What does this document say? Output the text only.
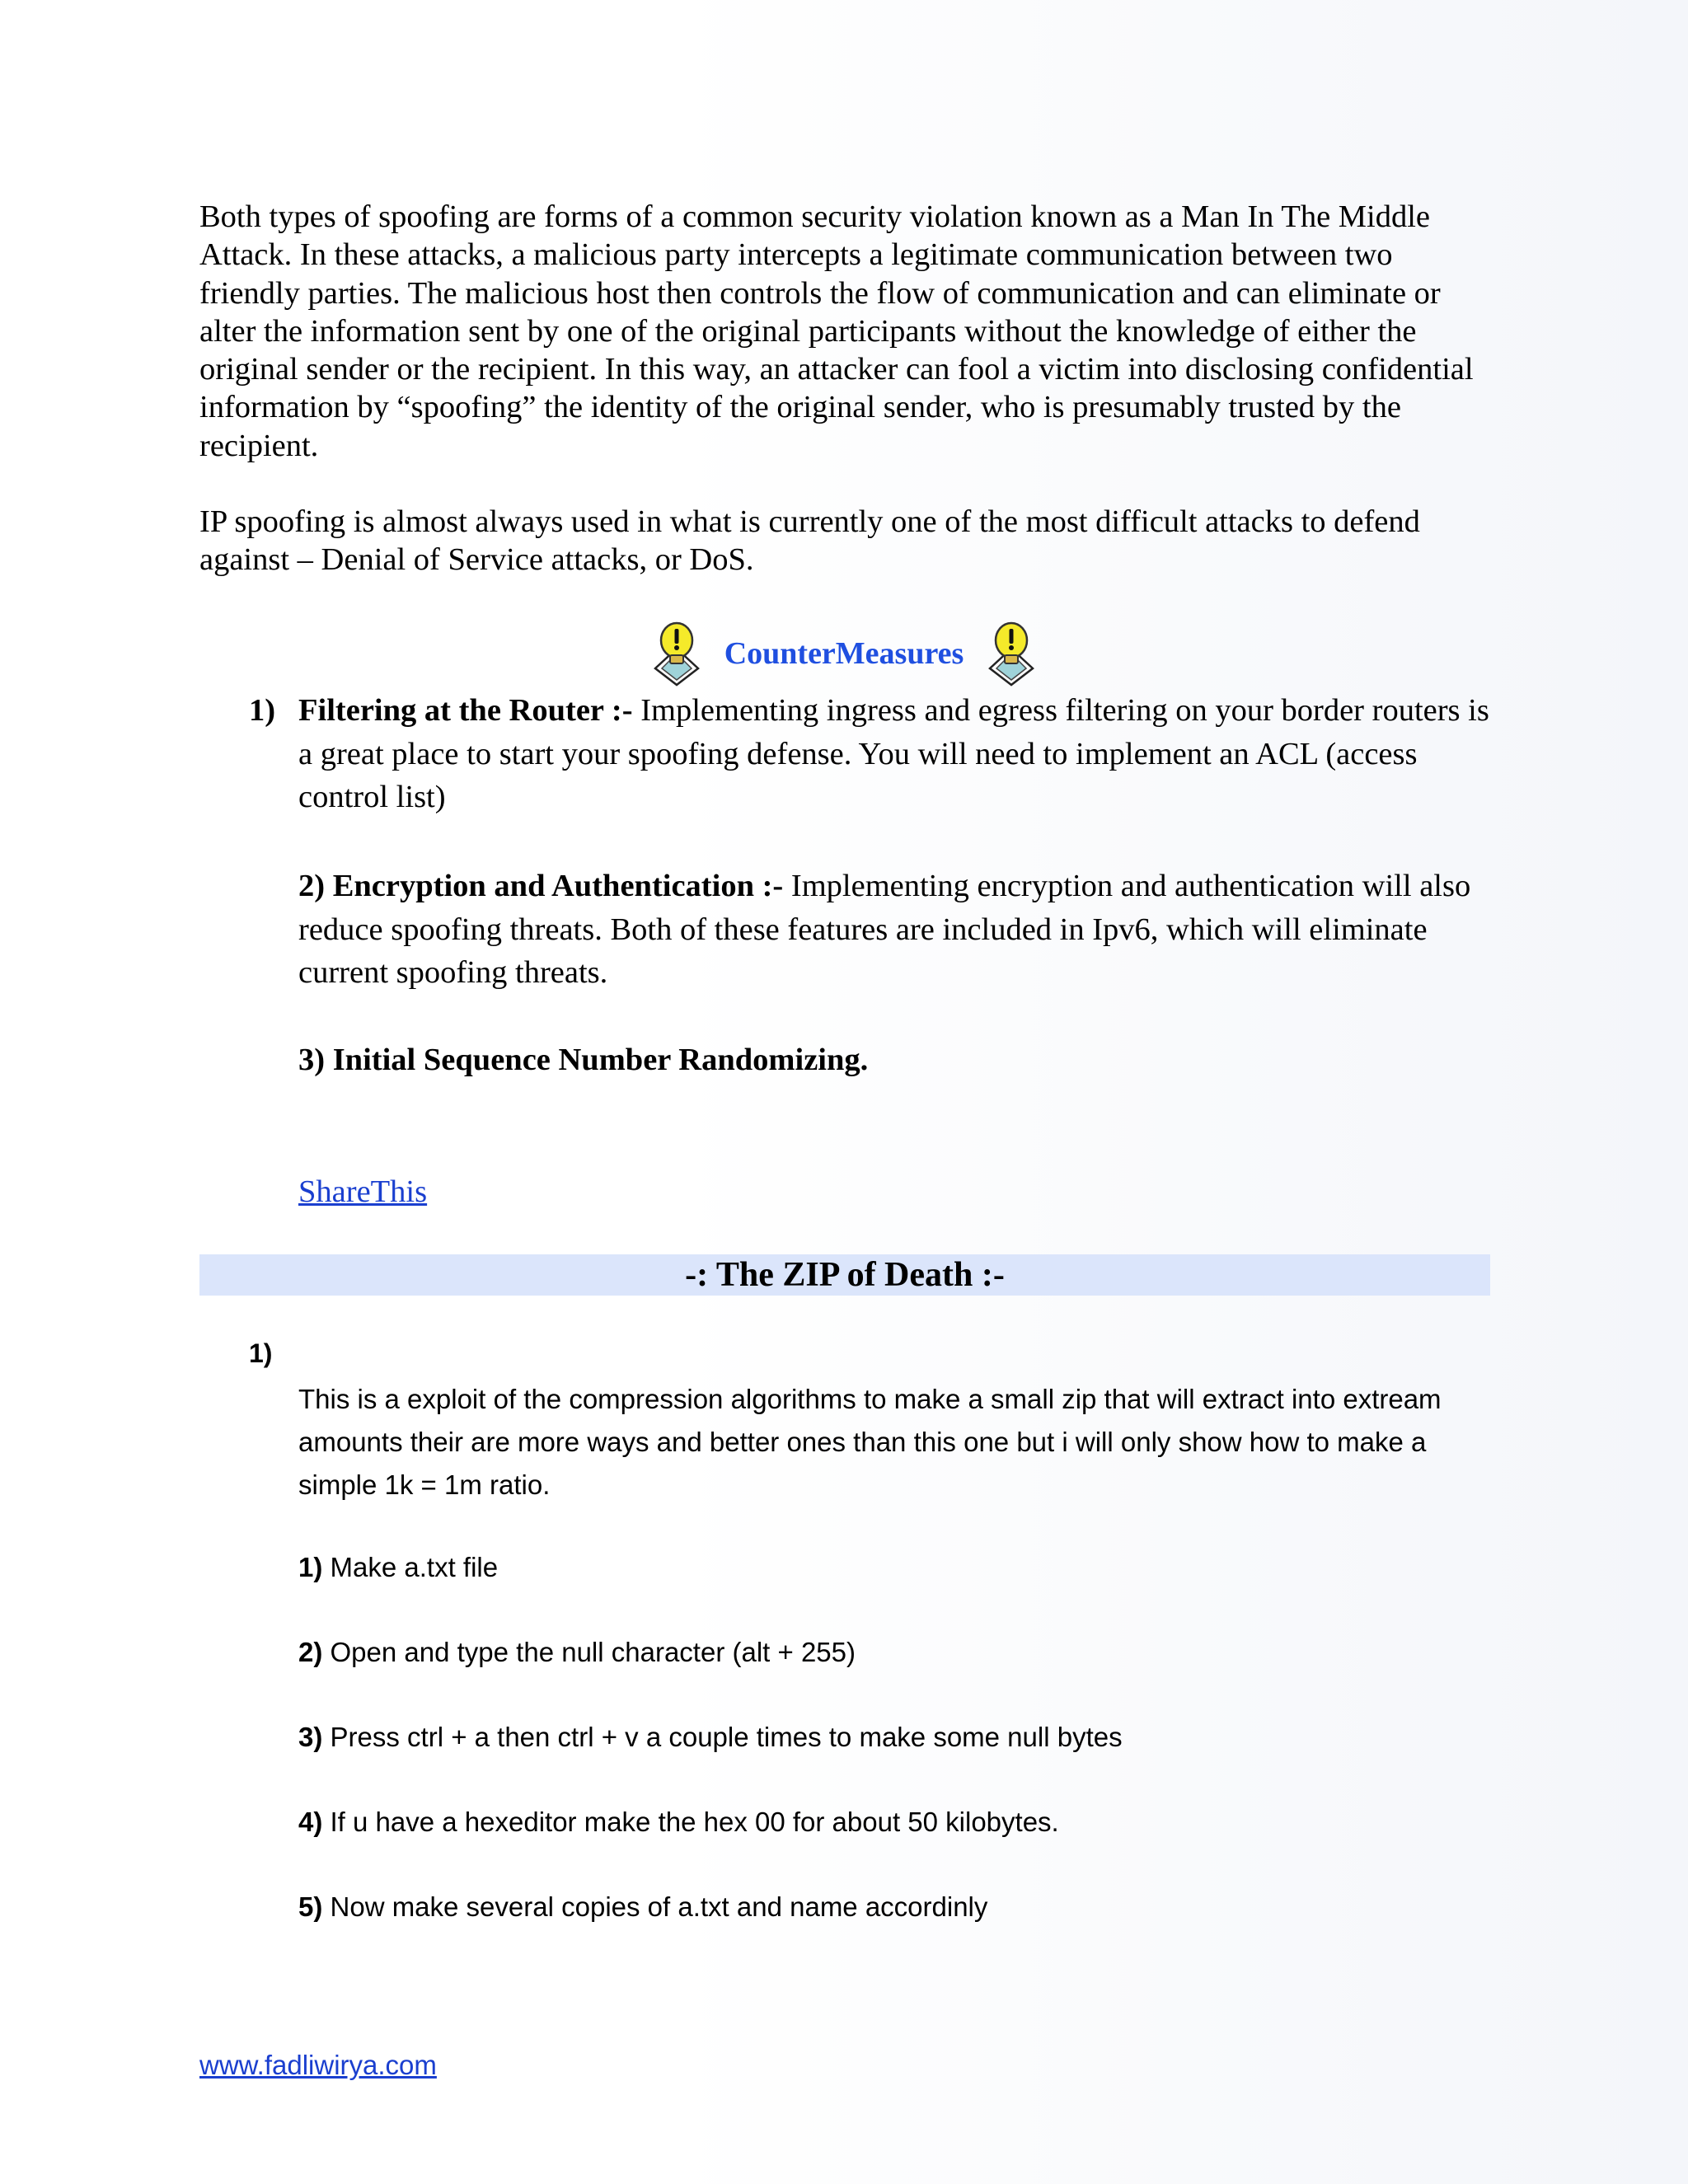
Both types of spoofing are forms of a common security violation known as a Man In The Middle Attack. In these attacks, a malicious party intercepts a legitimate communication between two friendly parties. The malicious host then controls the flow of communication and can eliminate or alter the information sent by one of the original participants without the knowledge of either the original sender or the recipient. In this way, an attacker can fool a victim into disclosing confidential information by “spoofing” the identity of the original sender, who is presumably trusted by the recipient.

IP spoofing is almost always used in what is currently one of the most difficult attacks to defend against – Denial of Service attacks, or DoS.

CounterMeasures
1) Filtering at the Router :- Implementing ingress and egress filtering on your border routers is a great place to start your spoofing defense. You will need to implement an ACL (access control list)
2) Encryption and Authentication :- Implementing encryption and authentication will also reduce spoofing threats. Both of these features are included in Ipv6, which will eliminate current spoofing threats.
3) Initial Sequence Number Randomizing.
ShareThis
-: The ZIP of Death :-
1)

This is a exploit of the compression algorithms to make a small zip that will extract into extream amounts their are more ways and better ones than this one but i will only show how to make a simple 1k = 1m ratio.

1) Make a.txt file
2) Open and type the null character (alt + 255)
3) Press ctrl + a then ctrl + v a couple times to make some null bytes
4) If u have a hexeditor make the hex 00 for about 50 kilobytes.
5) Now make several copies of a.txt and name accordinly
www.fadliwirya.com
